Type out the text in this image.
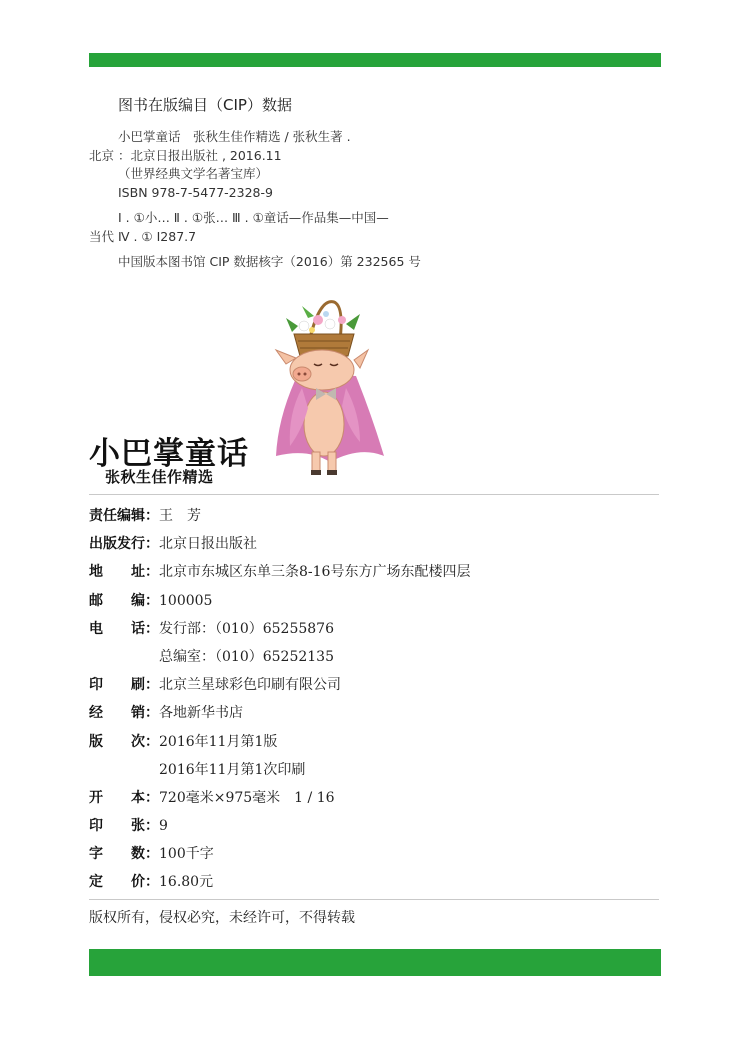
图书在版编目（CIP）数据
小巴掌童话　张秋生佳作精选 / 张秋生著 .
北京 ：北京日报出版社 , 2016.11
（世界经典文学名著宝库）
ISBN 978-7-5477-2328-9
Ⅰ . ①小… Ⅱ . ①张… Ⅲ . ①童话—作品集—中国—
当代 Ⅳ . ① I287.7
中国版本图书馆 CIP 数据核字（2016）第 232565 号
小巴掌童话
张秋生佳作精选
责任编辑： 王　芳
出版发行： 北京日报出版社
地　　址： 北京市东城区东单三条8-16号东方广场东配楼四层
邮　　编： 100005
电　　话： 发行部：（010）65255876
总编室：（010）65252135
印　　刷： 北京兰星球彩色印刷有限公司
经　　销： 各地新华书店
版　　次： 2016年11月第1版
2016年11月第1次印刷
开　　本： 720毫米×975毫米　1 / 16
印　　张： 9
字　　数： 100千字
定　　价： 16.80元
版权所有，侵权必究，未经许可，不得转载
